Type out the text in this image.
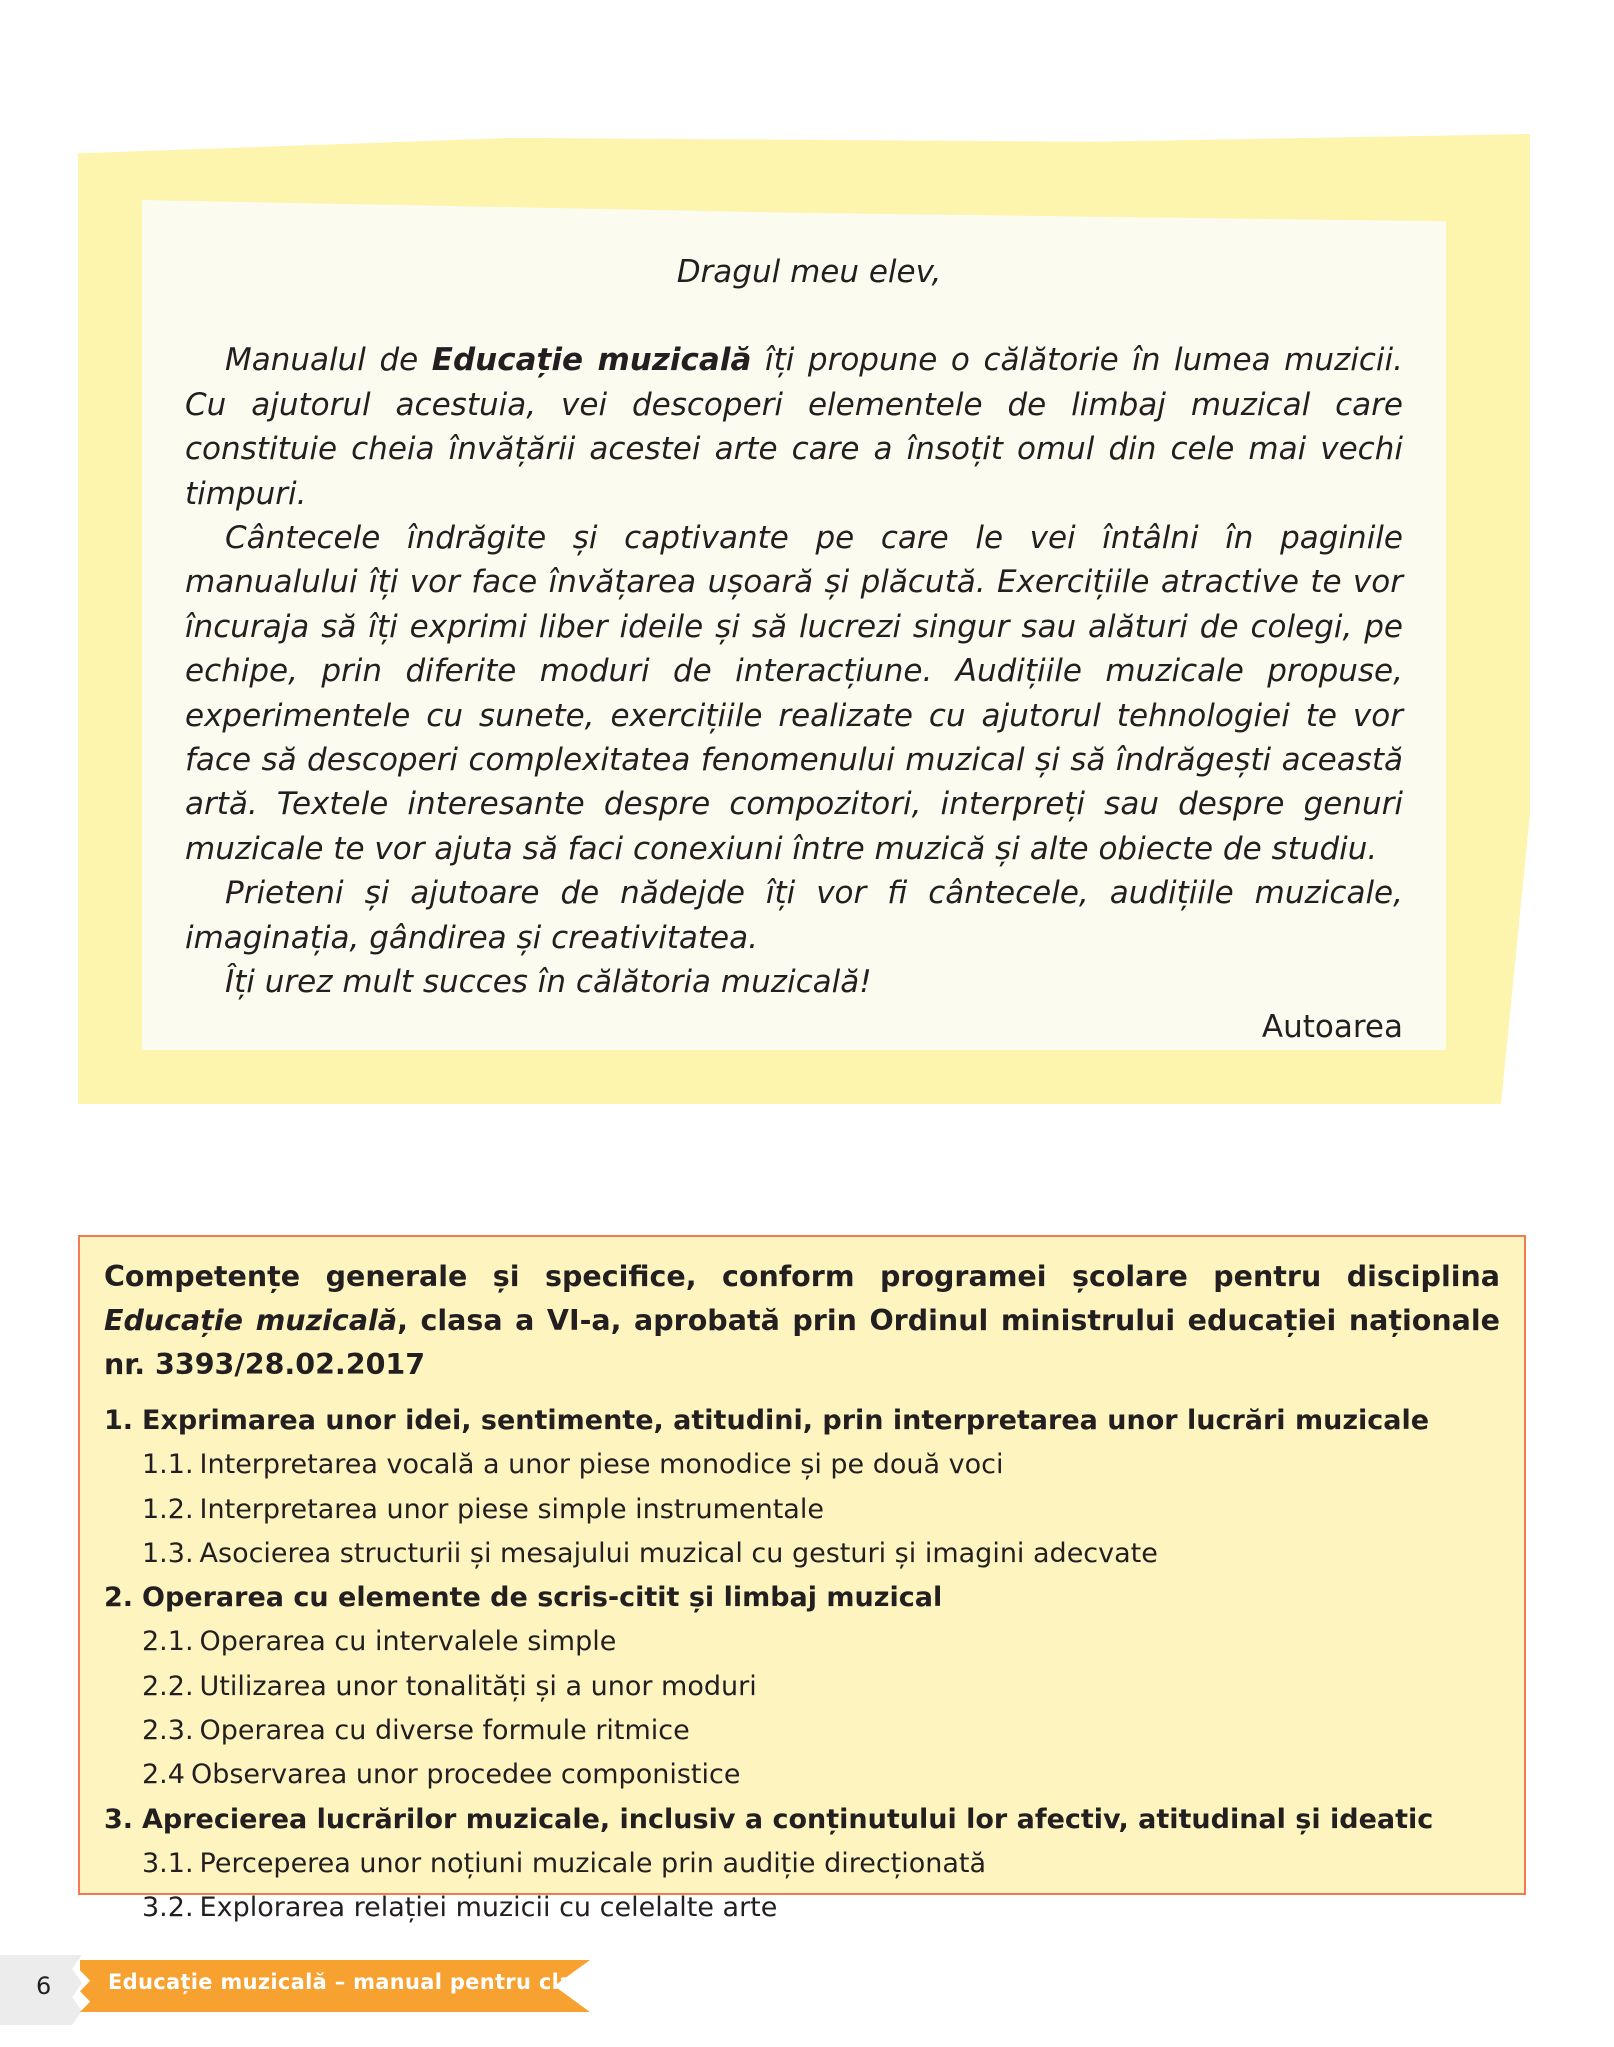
Dragul meu elev,

Manualul de Educație muzicală îți propune o călătorie în lumea muzicii. Cu ajutorul acestuia, vei descoperi elementele de limbaj muzical care constituie cheia învățării acestei arte care a însoțit omul din cele mai vechi timpuri.

Cântecele îndrăgite și captivante pe care le vei întâlni în paginile manualului îți vor face învățarea ușoară și plăcută. Exercițiile atractive te vor încuraja să îți exprimi liber ideile și să lucrezi singur sau alături de colegi, pe echipe, prin diferite moduri de interacțiune. Audițiile muzicale propuse, experimentele cu sunete, exercițiile realizate cu ajutorul tehnologiei te vor face să descoperi complexitatea fenomenului muzical și să îndrăgești această artă. Textele interesante despre compozitori, interpreți sau despre genuri muzicale te vor ajuta să faci conexiuni între muzică și alte obiecte de studiu.

Prieteni și ajutoare de nădejde îți vor fi cântecele, audițiile muzicale, imaginația, gândirea și creativitatea.

Îți urez mult succes în călătoria muzicală!

Autoarea
Competențe generale și specifice, conform programei școlare pentru disciplina Educație muzicală, clasa a VI-a, aprobată prin Ordinul ministrului educației naționale nr. 3393/28.02.2017
1. Exprimarea unor idei, sentimente, atitudini, prin interpretarea unor lucrări muzicale
1.1. Interpretarea vocală a unor piese monodice și pe două voci
1.2. Interpretarea unor piese simple instrumentale
1.3. Asocierea structurii și mesajului muzical cu gesturi și imagini adecvate
2. Operarea cu elemente de scris-citit și limbaj muzical
2.1. Operarea cu intervalele simple
2.2. Utilizarea unor tonalități și a unor moduri
2.3. Operarea cu diverse formule ritmice
2.4 Observarea unor procedee componistice
3. Aprecierea lucrărilor muzicale, inclusiv a conținutului lor afectiv, atitudinal și ideatic
3.1. Perceperea unor noțiuni muzicale prin audiție direcționată
3.2. Explorarea relației muzicii cu celelalte arte
6	Educație muzicală – manual pentru clasa a VI-a
